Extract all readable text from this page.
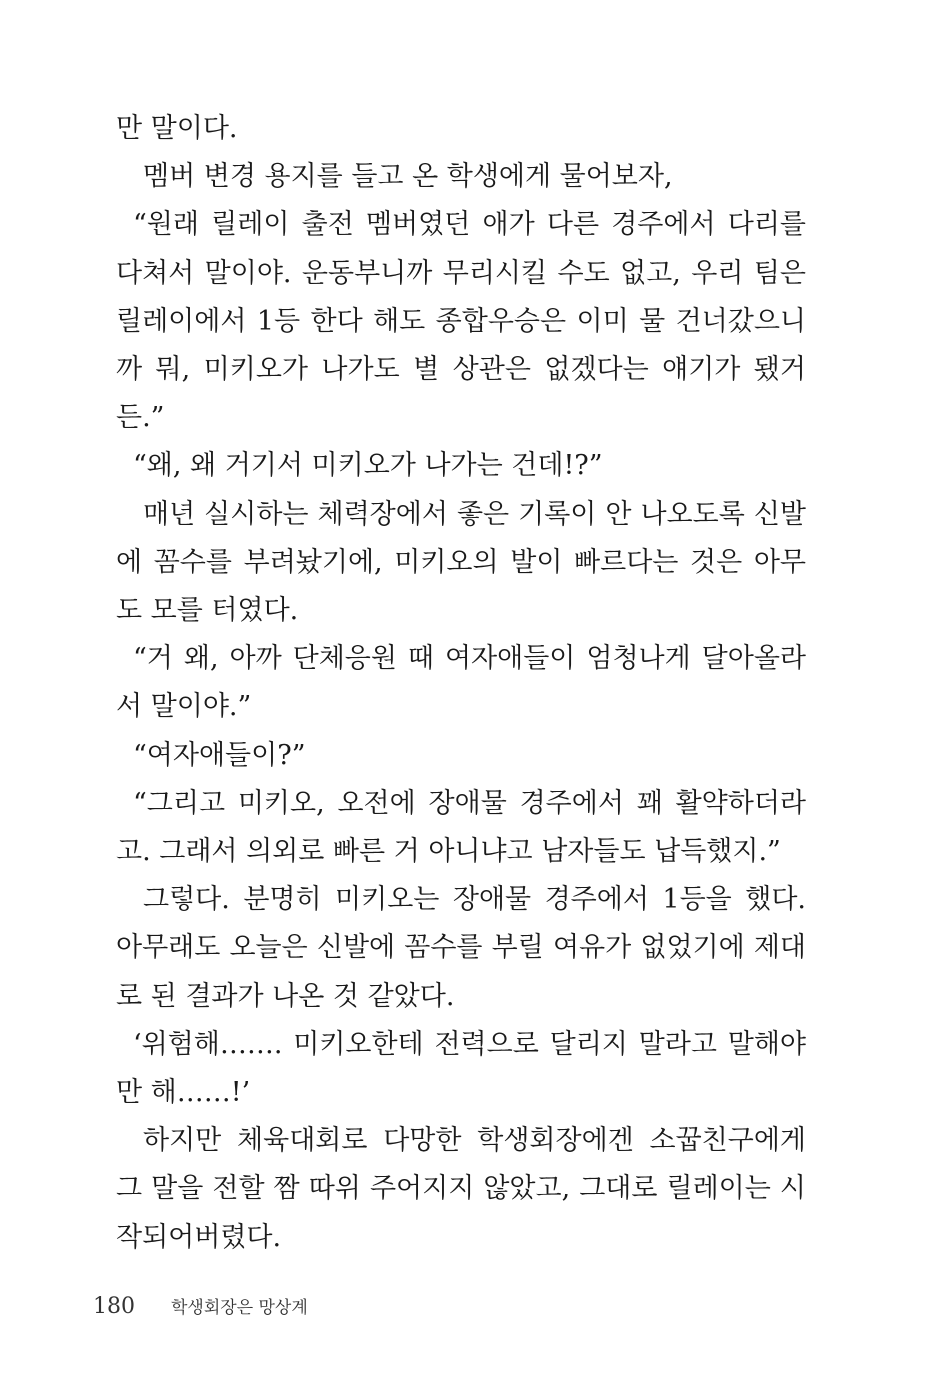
만 말이다.

멤버 변경 용지를 들고 온 학생에게 물어보자,

“원래 릴레이 출전 멤버였던 애가 다른 경주에서 다리를 다쳐서 말이야. 운동부니까 무리시킬 수도 없고, 우리 팀은 릴레이에서 1등 한다 해도 종합우승은 이미 물 건너갔으니까 뭐, 미키오가 나가도 별 상관은 없겠다는 얘기가 됐거든.”

“왜, 왜 거기서 미키오가 나가는 건데!?”

매년 실시하는 체력장에서 좋은 기록이 안 나오도록 신발에 꼼수를 부려놨기에, 미키오의 발이 빠르다는 것은 아무도 모를 터였다.

“거 왜, 아까 단체응원 때 여자애들이 엄청나게 달아올라서 말이야.”

“여자애들이?”

“그리고 미키오, 오전에 장애물 경주에서 꽤 활약하더라고. 그래서 의외로 빠른 거 아니냐고 남자들도 납득했지.”

그렇다. 분명히 미키오는 장애물 경주에서 1등을 했다. 아무래도 오늘은 신발에 꼼수를 부릴 여유가 없었기에 제대로 된 결과가 나온 것 같았다.

‘위험해……. 미키오한테 전력으로 달리지 말라고 말해야만 해……!’

하지만 체육대회로 다망한 학생회장에겐 소꿉친구에게 그 말을 전할 짬 따위 주어지지 않았고, 그대로 릴레이는 시작되어버렸다.

180 학생회장은 망상계
